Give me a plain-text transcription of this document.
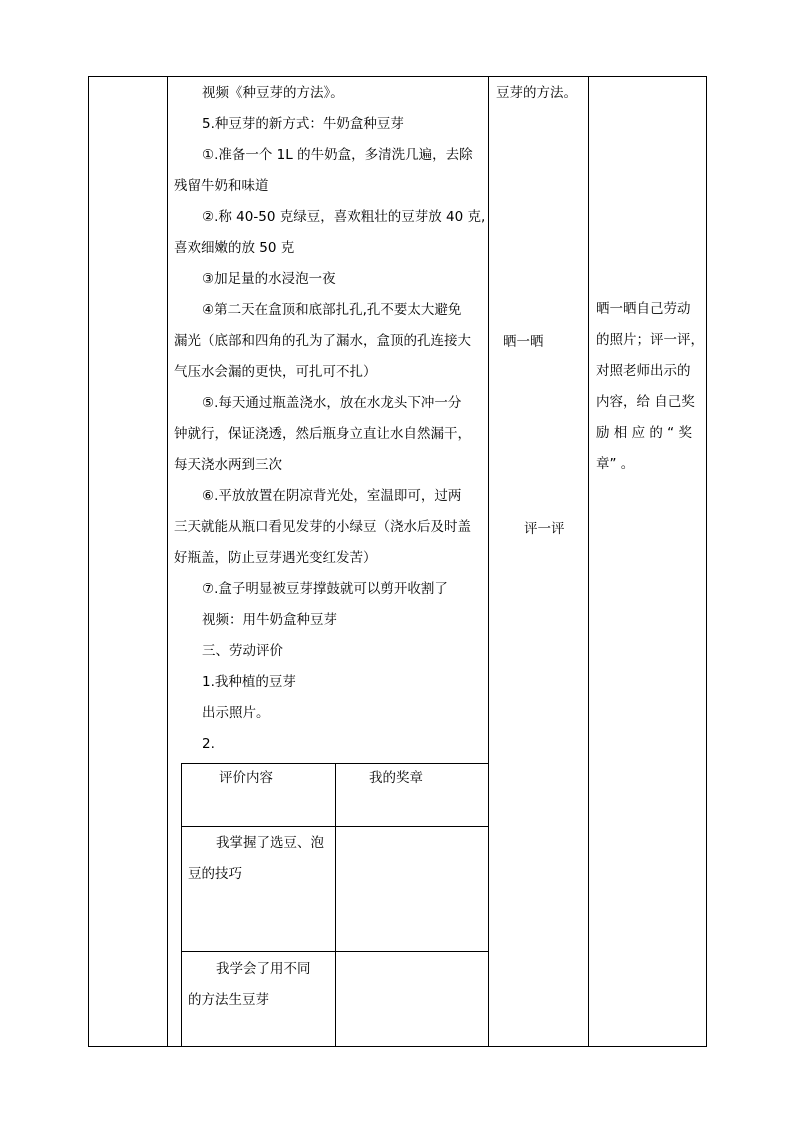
视频《种豆芽的方法》。

5.种豆芽的新方式：牛奶盒种豆芽

①.准备一个 1L 的牛奶盒，多清洗几遍，去除

残留牛奶和味道

②.称 40-50 克绿豆，喜欢粗壮的豆芽放 40 克,

喜欢细嫩的放 50 克

③加足量的水浸泡一夜

④第二天在盒顶和底部扎孔,孔不要太大避免

漏光（底部和四角的孔为了漏水，盒顶的孔连接大

气压水会漏的更快，可扎可不扎）

⑤.每天通过瓶盖浇水，放在水龙头下冲一分

钟就行，保证浇透，然后瓶身立直让水自然漏干，

每天浇水两到三次

⑥.平放放置在阴凉背光处，室温即可，过两

三天就能从瓶口看见发芽的小绿豆（浇水后及时盖

好瓶盖，防止豆芽遇光变红发苦）

⑦.盒子明显被豆芽撑鼓就可以剪开收割了

视频：用牛奶盒种豆芽

三、劳动评价

1.我种植的豆芽

出示照片。

2.

评价内容	我的奖章

我掌握了选豆、泡

豆的技巧

我学会了用不同

的方法生豆芽

豆芽的方法。

晒一晒
评一评

晒一晒自己劳动

的照片；评一评，

对照老师出示的

内容，给 自己奖

励 相 应 的 “ 奖

章” 。
